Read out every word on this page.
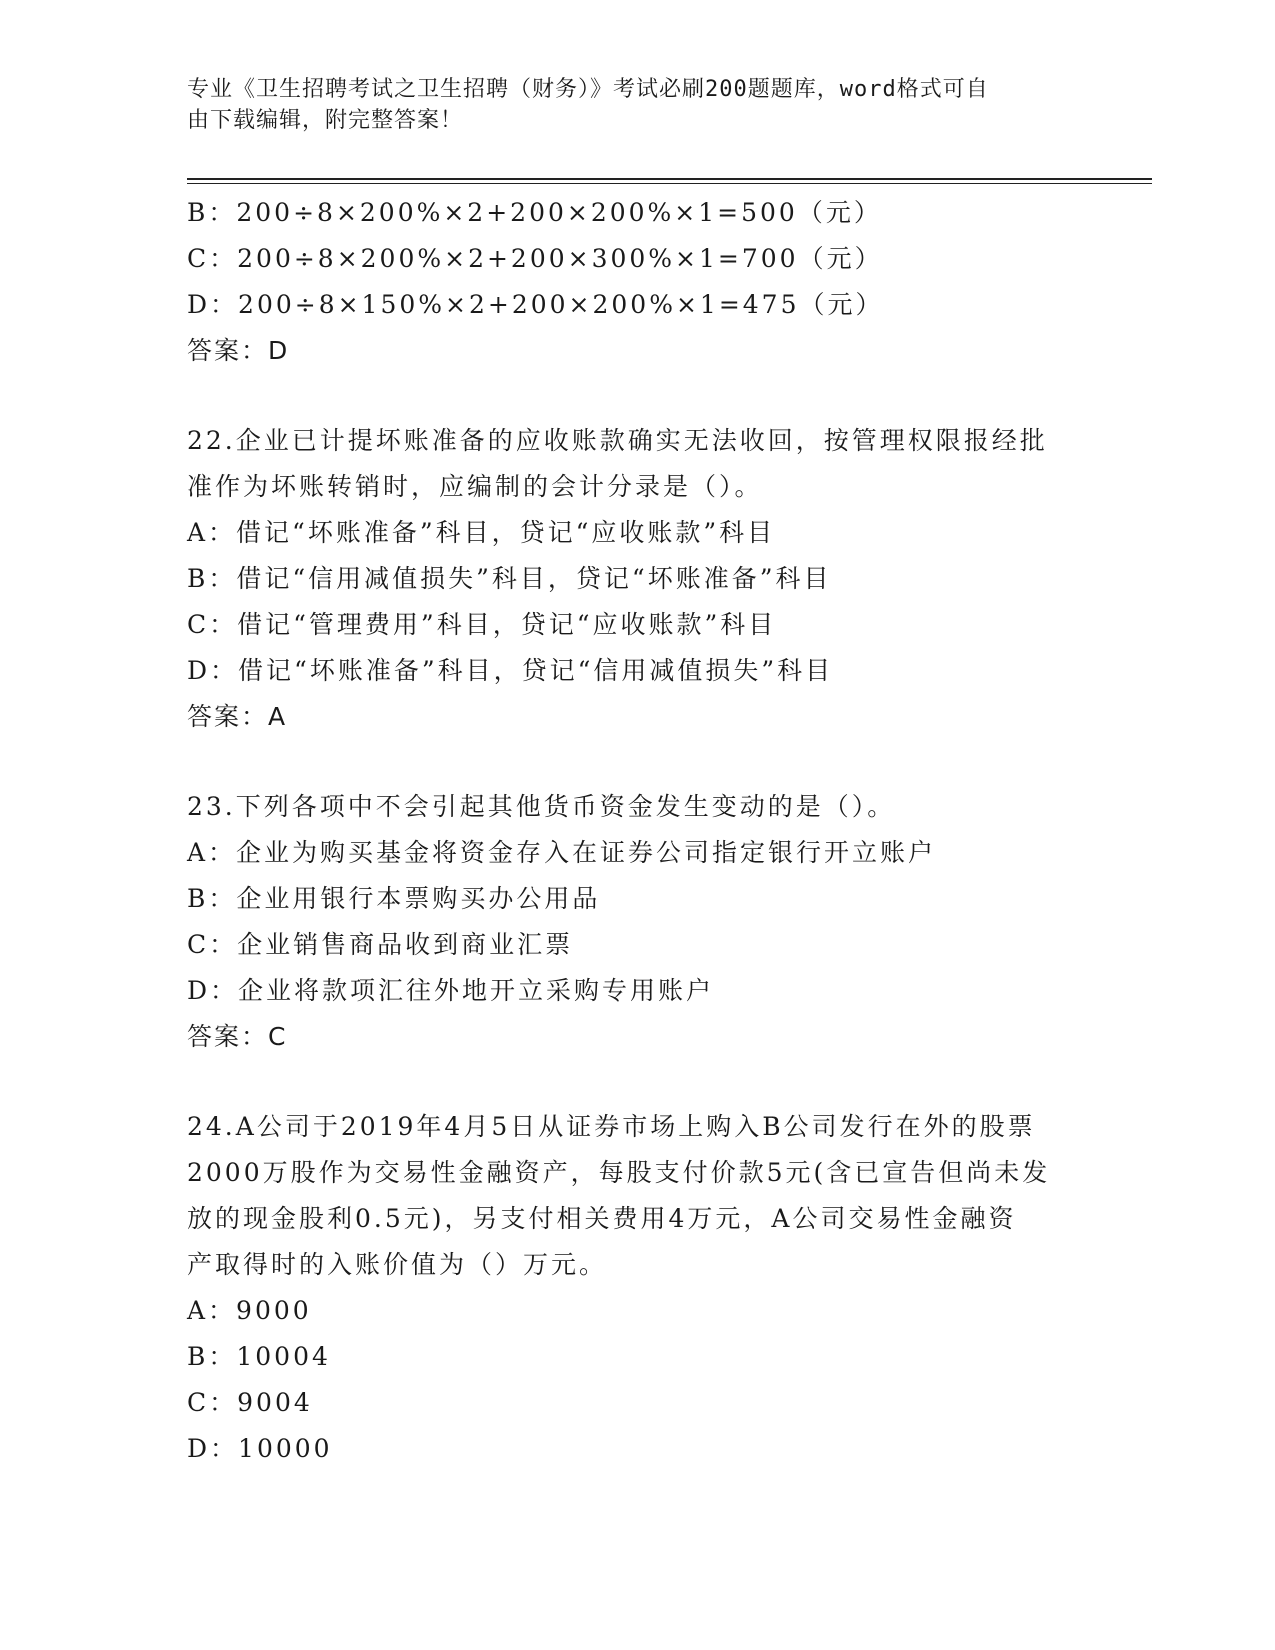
专业《卫生招聘考试之卫生招聘（财务）》考试必刷200题题库，word格式可自
由下载编辑，附完整答案！
B：200÷8×200%×2+200×200%×1=500（元）
C：200÷8×200%×2+200×300%×1=700（元）
D：200÷8×150%×2+200×200%×1=475（元）
答案：D
22.企业已计提坏账准备的应收账款确实无法收回，按管理权限报经批
准作为坏账转销时，应编制的会计分录是（）。
A：借记“坏账准备”科目，贷记“应收账款”科目
B：借记“信用减值损失”科目，贷记“坏账准备”科目
C：借记“管理费用”科目，贷记“应收账款”科目
D：借记“坏账准备”科目，贷记“信用减值损失”科目
答案：A
23.下列各项中不会引起其他货币资金发生变动的是（）。
A：企业为购买基金将资金存入在证券公司指定银行开立账户
B：企业用银行本票购买办公用品
C：企业销售商品收到商业汇票
D：企业将款项汇往外地开立采购专用账户
答案：C
24.A公司于2019年4月5日从证券市场上购入B公司发行在外的股票
2000万股作为交易性金融资产，每股支付价款5元(含已宣告但尚未发
放的现金股利0.5元)，另支付相关费用4万元，A公司交易性金融资
产取得时的入账价值为（）万元。
A：9000
B：10004
C：9004
D：10000
